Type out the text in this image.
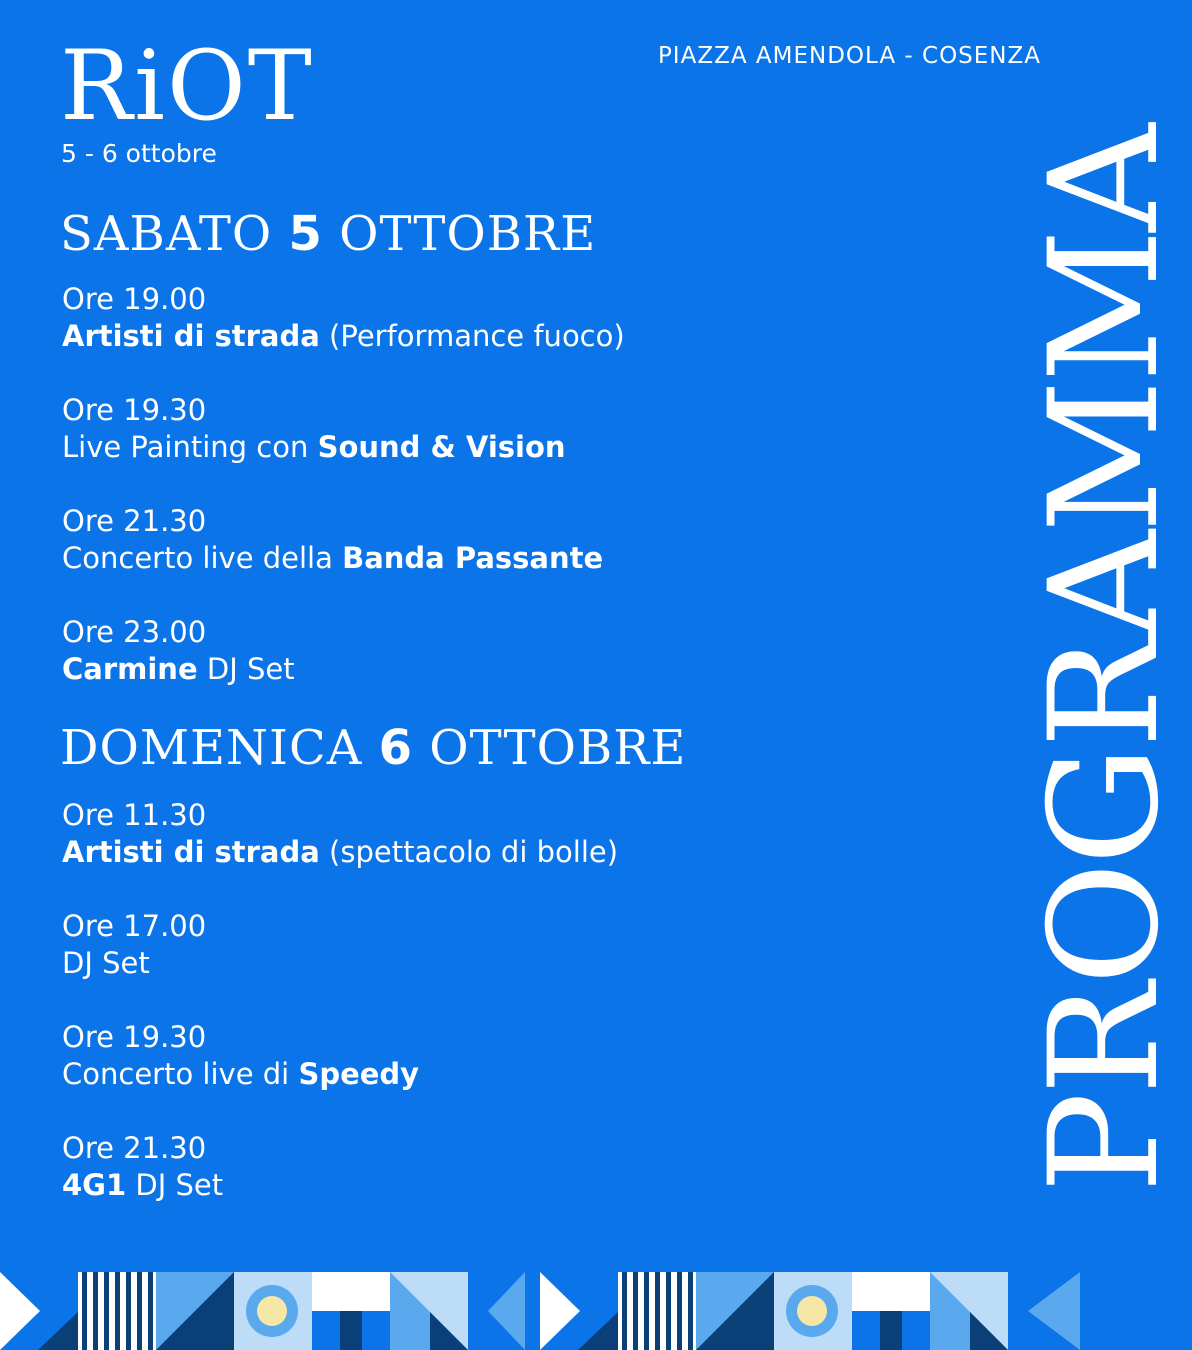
RiOT
5 - 6 ottobre
PIAZZA AMENDOLA - COSENZA
SABATO 5 OTTOBRE
Ore 19.00
Artisti di strada (Performance fuoco)
Ore 19.30
Live Painting con Sound & Vision
Ore 21.30
Concerto live della Banda Passante
Ore 23.00
Carmine DJ Set
DOMENICA 6 OTTOBRE
Ore 11.30
Artisti di strada (spettacolo di bolle)
Ore 17.00
DJ Set
Ore 19.30
Concerto live di Speedy
Ore 21.30
4G1 DJ Set	PROGRAMMA
